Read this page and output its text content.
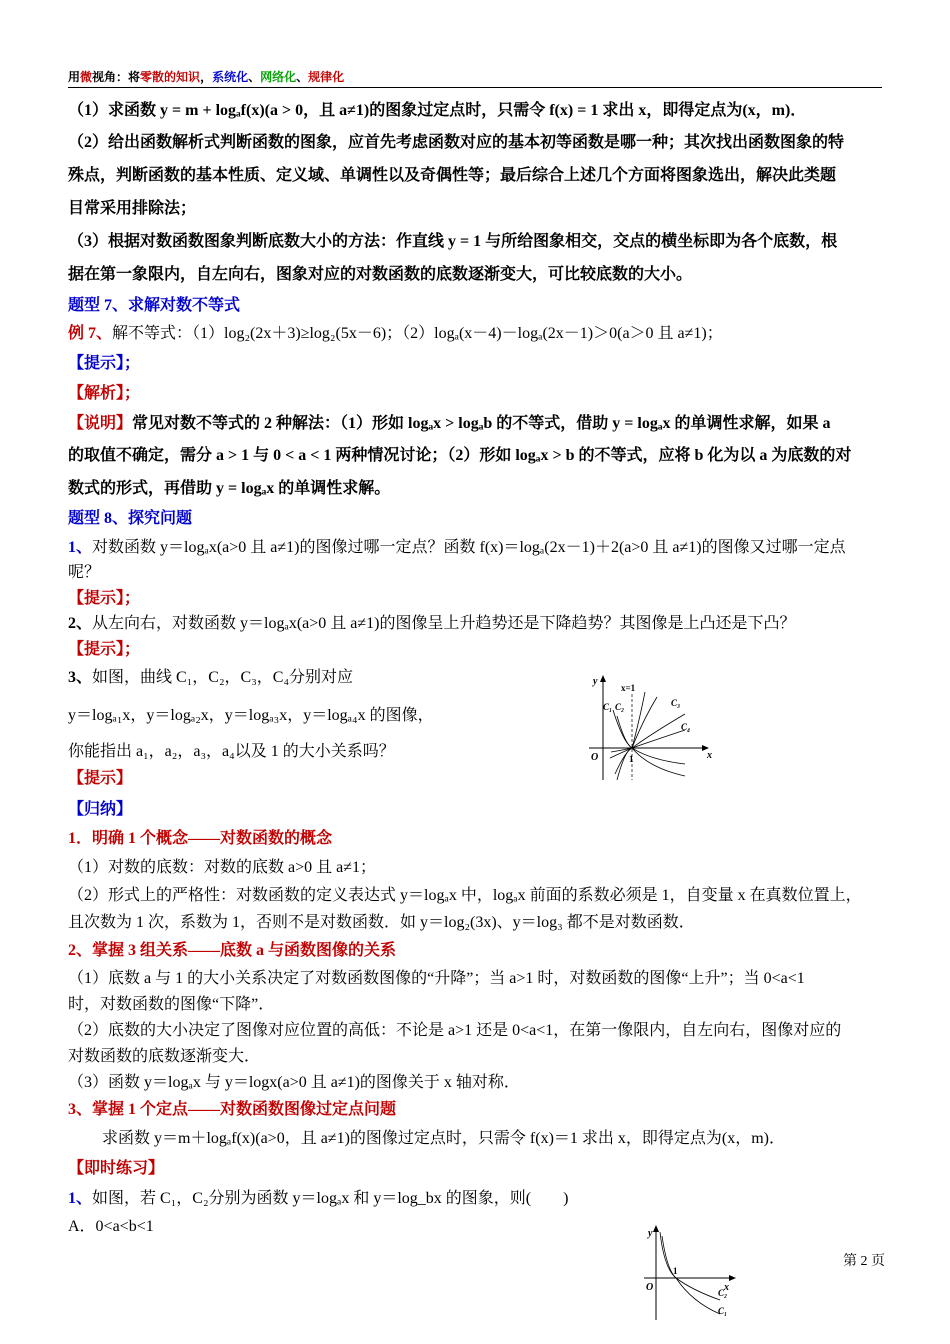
用微视角：将零散的知识，系统化、网络化、规律化
（1）求函数 y = m + logₐf(x)(a > 0，且 a≠1)的图象过定点时，只需令 f(x) = 1 求出 x，即得定点为(x，m)．
（2）给出函数解析式判断函数的图象，应首先考虑函数对应的基本初等函数是哪一种；其次找出函数图象的特
殊点，判断函数的基本性质、定义域、单调性以及奇偶性等；最后综合上述几个方面将图象选出，解决此类题
目常采用排除法；
（3）根据对数函数图象判断底数大小的方法：作直线 y = 1 与所给图象相交，交点的横坐标即为各个底数，根
据在第一象限内，自左向右，图象对应的对数函数的底数逐渐变大，可比较底数的大小。
题型 7、求解对数不等式
例 7、解不等式：（1）log₂(2x＋3)≥log₂(5x－6)；（2）logₐ(x－4)－logₐ(2x－1)＞0(a＞0 且 a≠1)；
【提示】；
【解析】；
【说明】常见对数不等式的 2 种解法：（1）形如 logₐx > logₐb 的不等式，借助 y = logₐx 的单调性求解，如果 a
的取值不确定，需分 a > 1 与 0 < a < 1 两种情况讨论；（2）形如 logₐx > b 的不等式，应将 b 化为以 a 为底数的对
数式的形式，再借助 y = logₐx 的单调性求解。
题型 8、探究问题
1、对数函数 y＝logₐx(a>0 且 a≠1)的图像过哪一定点？函数 f(x)＝logₐ(2x－1)＋2(a>0 且 a≠1)的图像又过哪一定点
呢？
【提示】；
2、从左向右，对数函数 y＝logₐx(a>0 且 a≠1)的图像呈上升趋势还是下降趋势？其图像是上凸还是下凸？
【提示】；
3、如图，曲线 C₁，C₂，C₃，C₄分别对应
y＝logₐ₁x，y＝logₐ₂x，y＝logₐ₃x，y＝logₐ₄x 的图像，
你能指出 a₁，a₂，a₃，a₄以及 1 的大小关系吗？
【提示】
【归纳】
y
x
O	1
x=1
C₁ C₂	C₃
C₄
1．明确 1 个概念——对数函数的概念
（1）对数的底数：对数的底数 a>0 且 a≠1；
（2）形式上的严格性：对数函数的定义表达式 y＝logₐx 中，logₐx 前面的系数必须是 1，自变量 x 在真数位置上，
且次数为 1 次，系数为 1，否则不是对数函数．如 y＝log₂(3x)、y＝log₃ 都不是对数函数．
2、掌握 3 组关系——底数 a 与函数图像的关系
（1）底数 a 与 1 的大小关系决定了对数函数图像的“升降”；当 a>1 时，对数函数的图像“上升”；当 0<a<1
时，对数函数的图像“下降”．
（2）底数的大小决定了图像对应位置的高低：不论是 a>1 还是 0<a<1，在第一像限内，自左向右，图像对应的
对数函数的底数逐渐变大．
（3）函数 y＝logₐx 与 y＝logx(a>0 且 a≠1)的图像关于 x 轴对称．
3、掌握 1 个定点——对数函数图像过定点问题
求函数 y＝m＋logₐf(x)(a>0，且 a≠1)的图像过定点时，只需令 f(x)＝1 求出 x，即得定点为(x，m)．
【即时练习】
1、如图，若 C₁，C₂分别为函数 y＝logₐx 和 y＝log_bx 的图象，则(　　)
A．0<a<b<1	y
x
O
1
C₂
C₁
第 2 页
